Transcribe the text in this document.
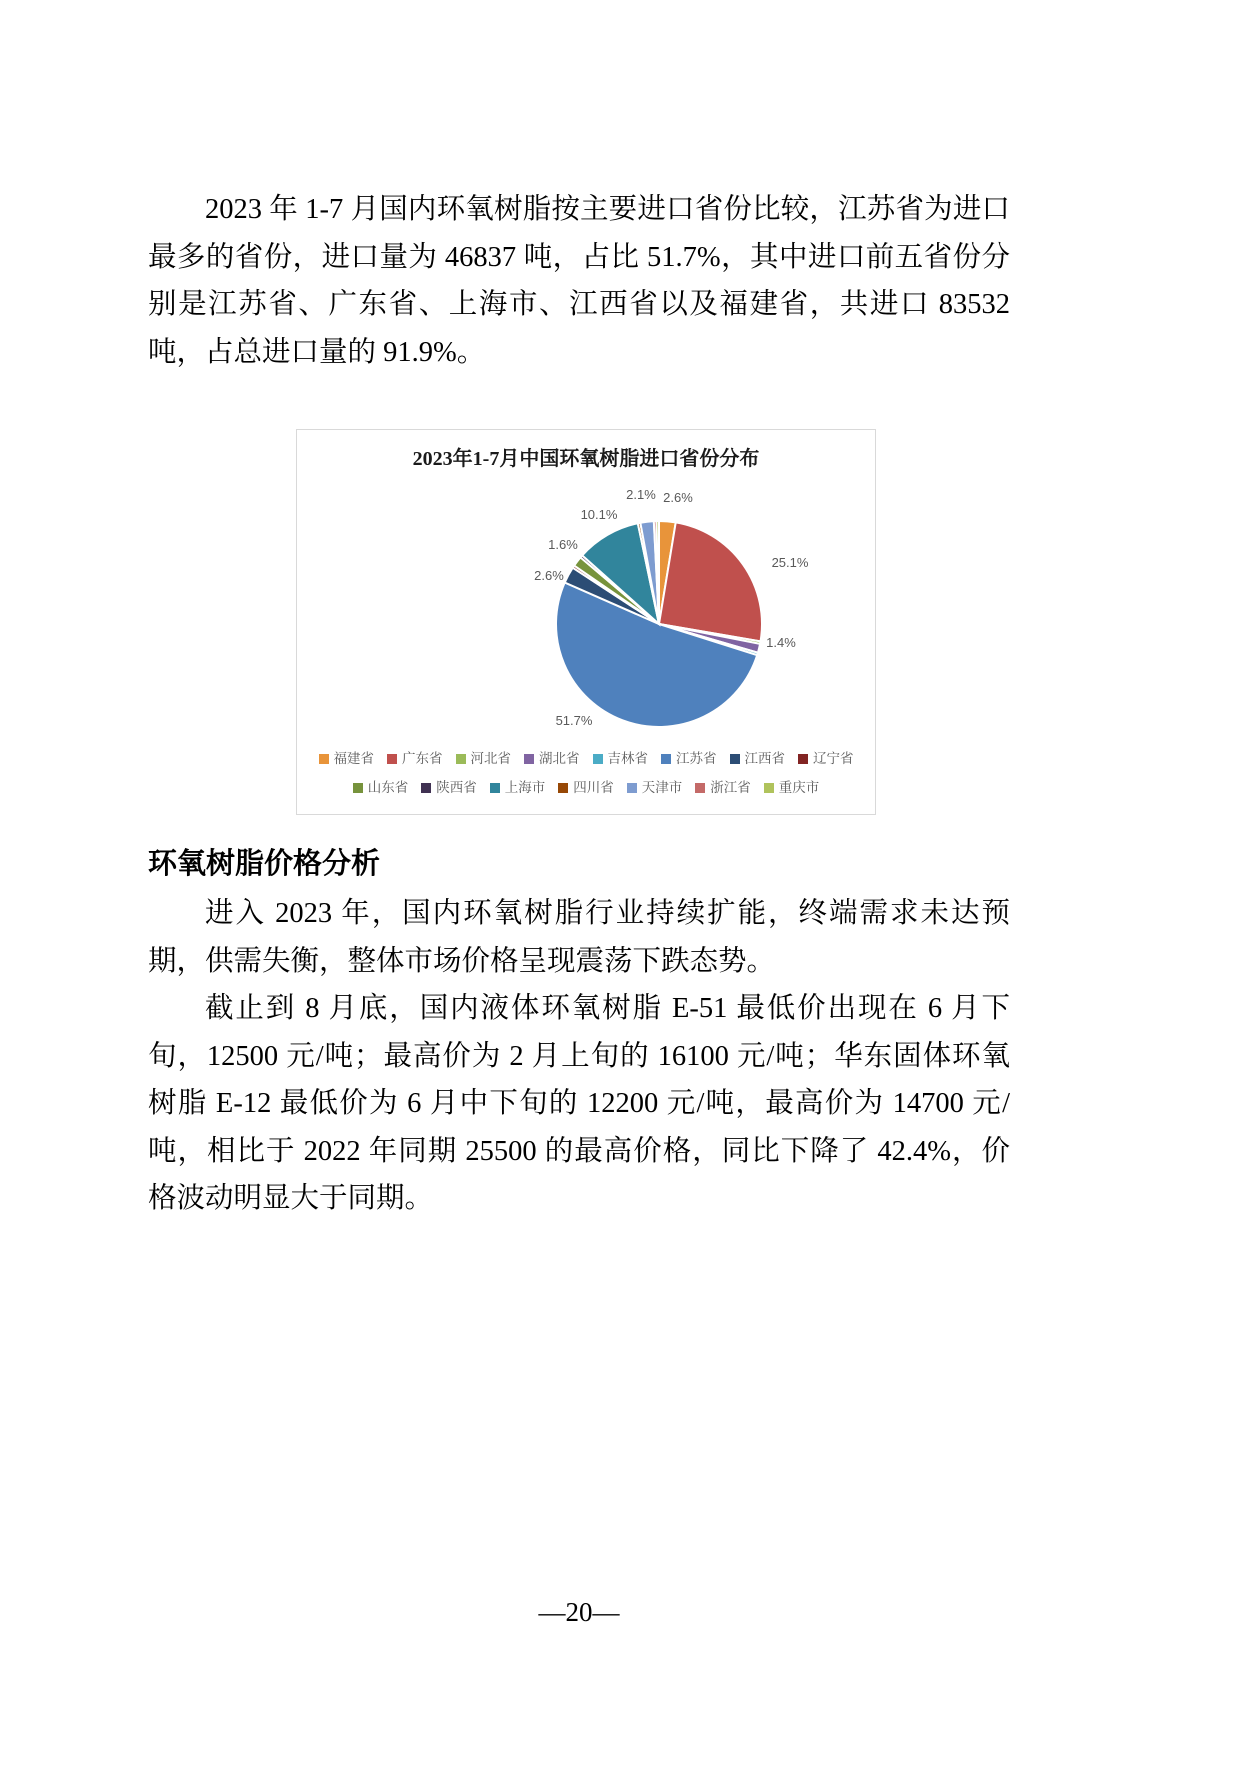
2023 年 1-7 月国内环氧树脂按主要进口省份比较，江苏省为进口最多的省份，进口量为 46837 吨，占比 51.7%，其中进口前五省份分别是江苏省、广东省、上海市、江西省以及福建省，共进口 83532 吨，占总进口量的 91.9%。

2023年1-7月中国环氧树脂进口省份分布
2.6%
25.1%
1.4%
51.7%
2.6%
1.6%
10.1%
2.1%
福建省 广东省 河北省 湖北省 吉林省 江苏省 江西省 辽宁省
山东省 陕西省 上海市 四川省 天津市 浙江省 重庆市
环氧树脂价格分析

进入 2023 年，国内环氧树脂行业持续扩能，终端需求未达预期，供需失衡，整体市场价格呈现震荡下跌态势。

截止到 8 月底，国内液体环氧树脂 E-51 最低价出现在 6 月下旬，12500 元/吨；最高价为 2 月上旬的 16100 元/吨；华东固体环氧树脂 E-12 最低价为 6 月中下旬的 12200 元/吨，最高价为 14700 元/吨，相比于 2022 年同期 25500 的最高价格，同比下降了 42.4%，价格波动明显大于同期。

—20—
